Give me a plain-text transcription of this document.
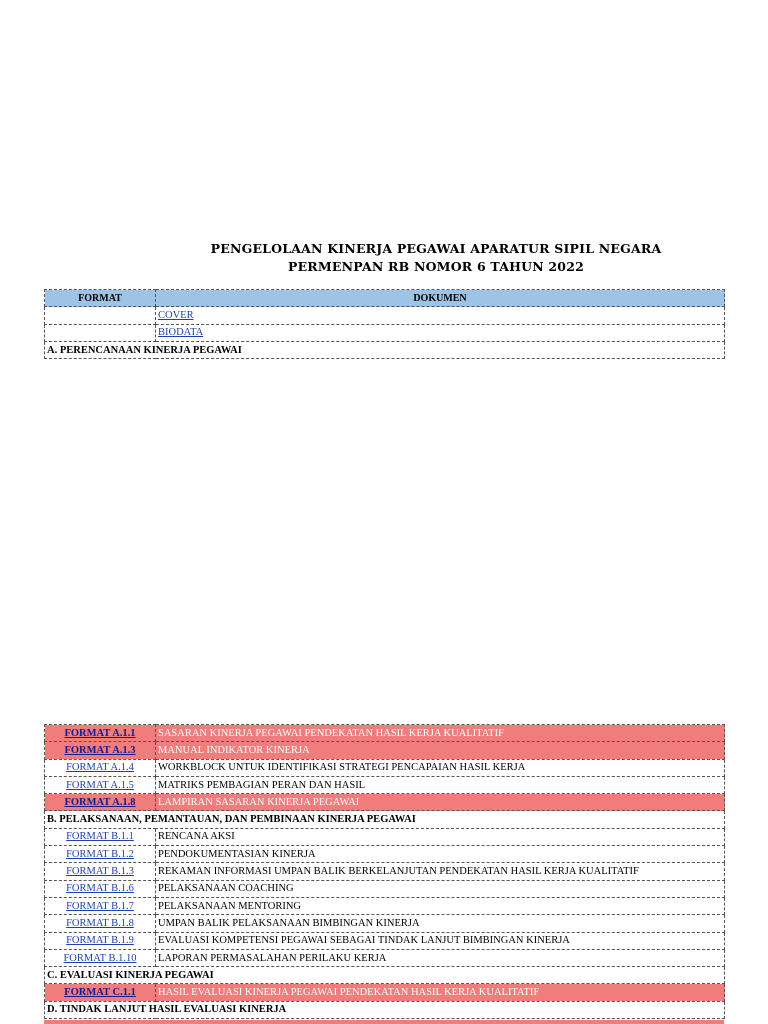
PENGELOLAAN KINERJA PEGAWAI APARATUR SIPIL NEGARA
PERMENPAN RB NOMOR 6 TAHUN 2022
FORMAT	DOKUMEN
	COVER
	BIODATA
A. PERENCANAAN KINERJA PEGAWAI	
FORMAT A.1.1	SASARAN KINERJA PEGAWAI PENDEKATAN HASIL KERJA KUALITATIF
FORMAT A.1.3	MANUAL INDIKATOR KINERJA
FORMAT A.1.4	WORKBLOCK UNTUK IDENTIFIKASI STRATEGI PENCAPAIAN HASIL KERJA
FORMAT A.1.5	MATRIKS PEMBAGIAN PERAN DAN HASIL
FORMAT A.1.8	LAMPIRAN SASARAN KINERJA PEGAWAI
B. PELAKSANAAN, PEMANTAUAN, DAN PEMBINAAN KINERJA PEGAWAI	
FORMAT B.1.1	RENCANA AKSI
FORMAT B.1.2	PENDOKUMENTASIAN KINERJA
FORMAT B.1.3	REKAMAN INFORMASI UMPAN BALIK BERKELANJUTAN PENDEKATAN HASIL KERJA KUALITATIF
FORMAT B.1.6	PELAKSANAAN COACHING
FORMAT B.1.7	PELAKSANAAN MENTORING
FORMAT B.1.8	UMPAN BALIK PELAKSANAAN BIMBINGAN KINERJA
FORMAT B.1.9	EVALUASI KOMPETENSI PEGAWAI SEBAGAI TINDAK LANJUT BIMBINGAN KINERJA
FORMAT B.1.10	LAPORAN PERMASALAHAN PERILAKU KERJA
C. EVALUASI KINERJA PEGAWAI	
FORMAT C.1.1	HASIL EVALUASI KINERJA PEGAWAI PENDEKATAN HASIL KERJA KUALITATIF
D. TINDAK LANJUT HASIL EVALUASI KINERJA	
